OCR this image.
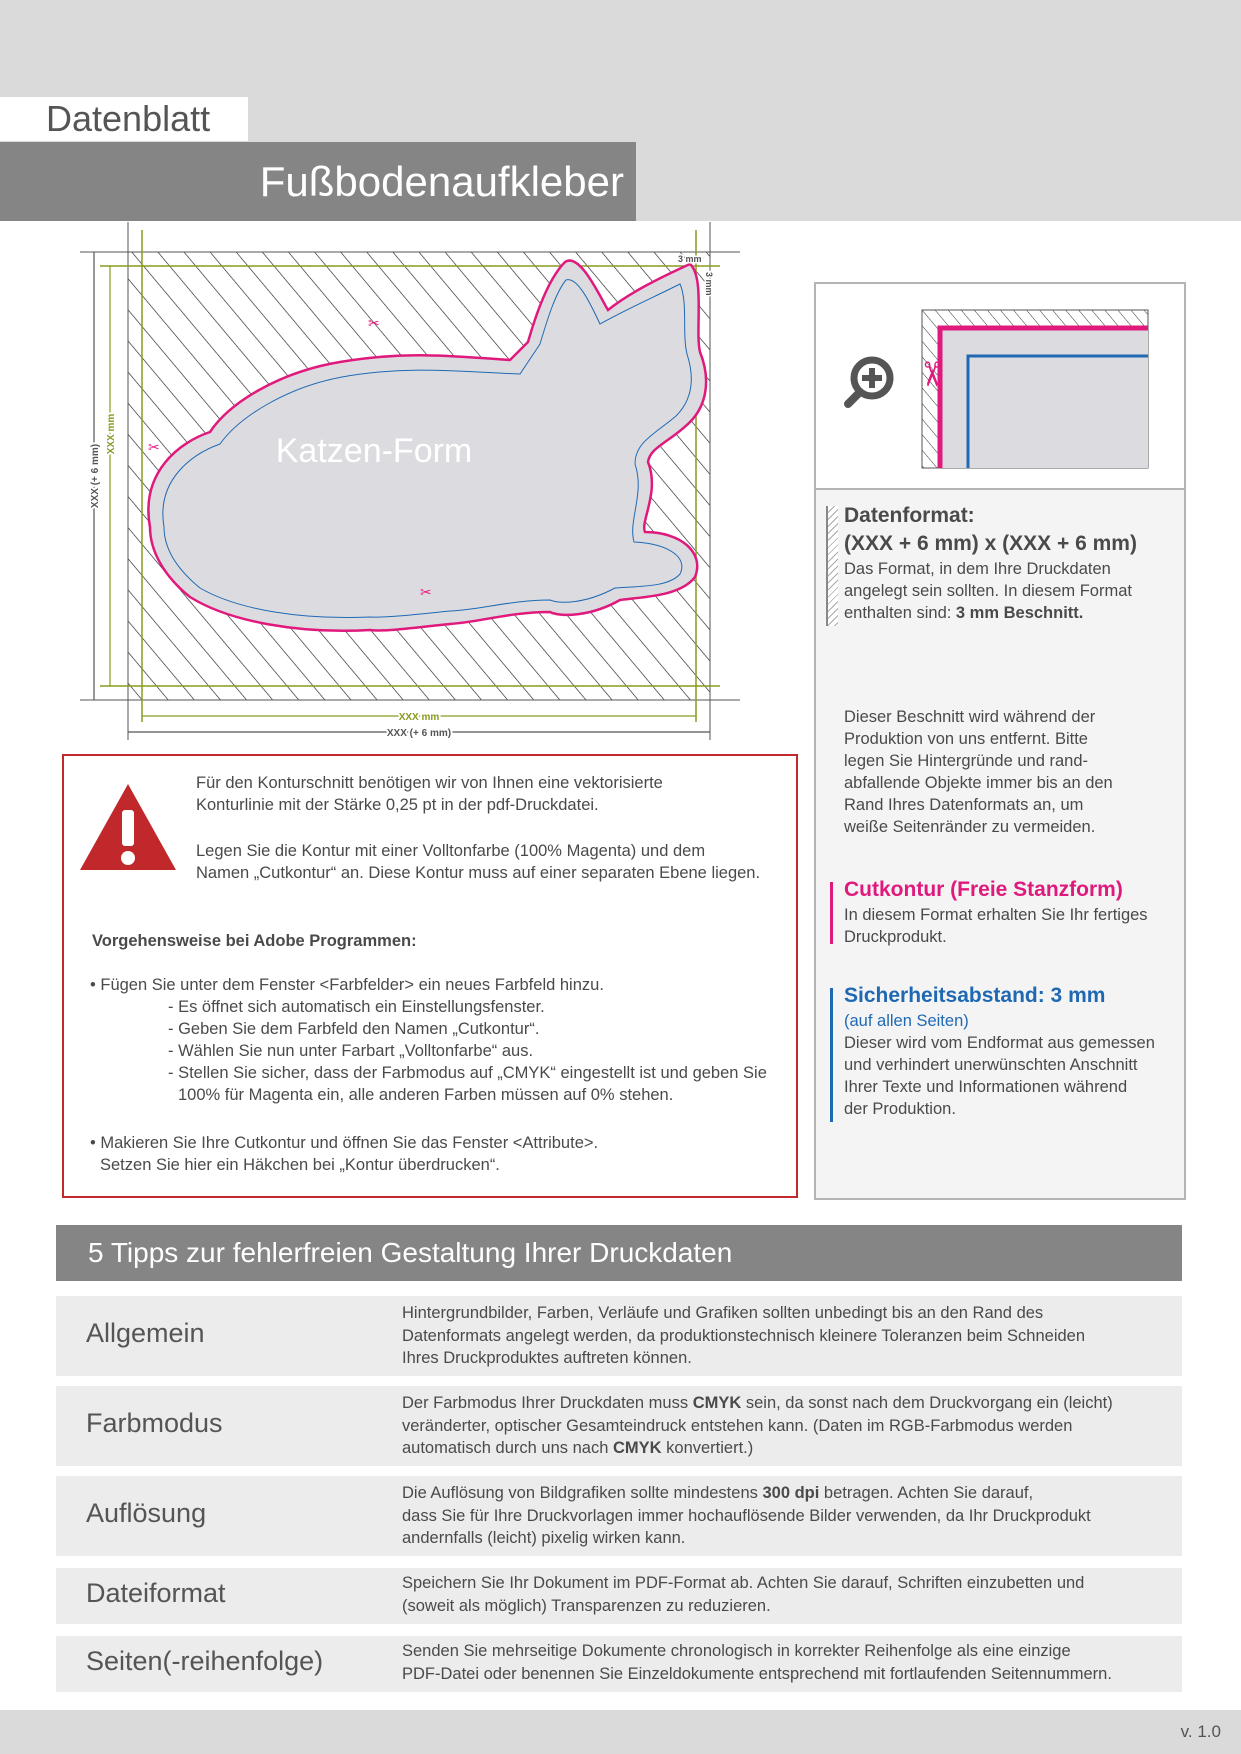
Datenblatt
Fußbodenaufkleber
✂
✂
✂
Katzen-Form
XXX mm
XXX (+ 6 mm)
XXX (+ 6 mm)
XXX mm
3 mm
3 mm
Für den Konturschnitt benötigen wir von Ihnen eine vektorisierte
Konturlinie mit der Stärke 0,25 pt in der pdf-Druckdatei.
Legen Sie die Kontur mit einer Volltonfarbe (100% Magenta) und dem
Namen „Cutkontur“ an. Diese Kontur muss auf einer separaten Ebene liegen.
Vorgehensweise bei Adobe Programmen:
• Fügen Sie unter dem Fenster <Farbfelder> ein neues Farbfeld hinzu.
- Es öffnet sich automatisch ein Einstellungsfenster.
- Geben Sie dem Farbfeld den Namen „Cutkontur“.
- Wählen Sie nun unter Farbart „Volltonfarbe“ aus.
- Stellen Sie sicher, dass der Farbmodus auf „CMYK“ eingestellt ist und geben Sie
100% für Magenta ein, alle anderen Farben müssen auf 0% stehen.
• Makieren Sie Ihre Cutkontur und öffnen Sie das Fenster <Attribute>.
Setzen Sie hier ein Häkchen bei „Kontur überdrucken“.
✂
Datenformat:
(XXX + 6 mm) x (XXX + 6 mm)
Das Format, in dem Ihre Druckdaten
angelegt sein sollten. In diesem Format
enthalten sind: 3 mm Beschnitt.
Dieser Beschnitt wird während der
Produktion von uns entfernt. Bitte
legen Sie Hintergründe und rand-
abfallende Objekte immer bis an den
Rand Ihres Datenformats an, um
weiße Seitenränder zu vermeiden.
Cutkontur (Freie Stanzform)
In diesem Format erhalten Sie Ihr fertiges
Druckprodukt.
Sicherheitsabstand: 3 mm
(auf allen Seiten)
Dieser wird vom Endformat aus gemessen
und verhindert unerwünschten Anschnitt
Ihrer Texte und Informationen während
der Produktion.
5 Tipps zur fehlerfreien Gestaltung Ihrer Druckdaten
Allgemein
Hintergrundbilder, Farben, Verläufe und Grafiken sollten unbedingt bis an den Rand des
Datenformats angelegt werden, da produktionstechnisch kleinere Toleranzen beim Schneiden
Ihres Druckproduktes auftreten können.
Farbmodus
Der Farbmodus Ihrer Druckdaten muss CMYK sein, da sonst nach dem Druckvorgang ein (leicht)
veränderter, optischer Gesamteindruck entstehen kann. (Daten im RGB-Farbmodus werden
automatisch durch uns nach CMYK konvertiert.)
Auflösung
Die Auflösung von Bildgrafiken sollte mindestens 300 dpi betragen. Achten Sie darauf,
dass Sie für Ihre Druckvorlagen immer hochauflösende Bilder verwenden, da Ihr Druckprodukt
andernfalls (leicht) pixelig wirken kann.
Dateiformat	Speichern Sie Ihr Dokument im PDF-Format ab. Achten Sie darauf, Schriften einzubetten und
(soweit als möglich) Transparenzen zu reduzieren.
Seiten(-reihenfolge)	Senden Sie mehrseitige Dokumente chronologisch in korrekter Reihenfolge als eine einzige
PDF-Datei oder benennen Sie Einzeldokumente entsprechend mit fortlaufenden Seitennummern.
v. 1.0
